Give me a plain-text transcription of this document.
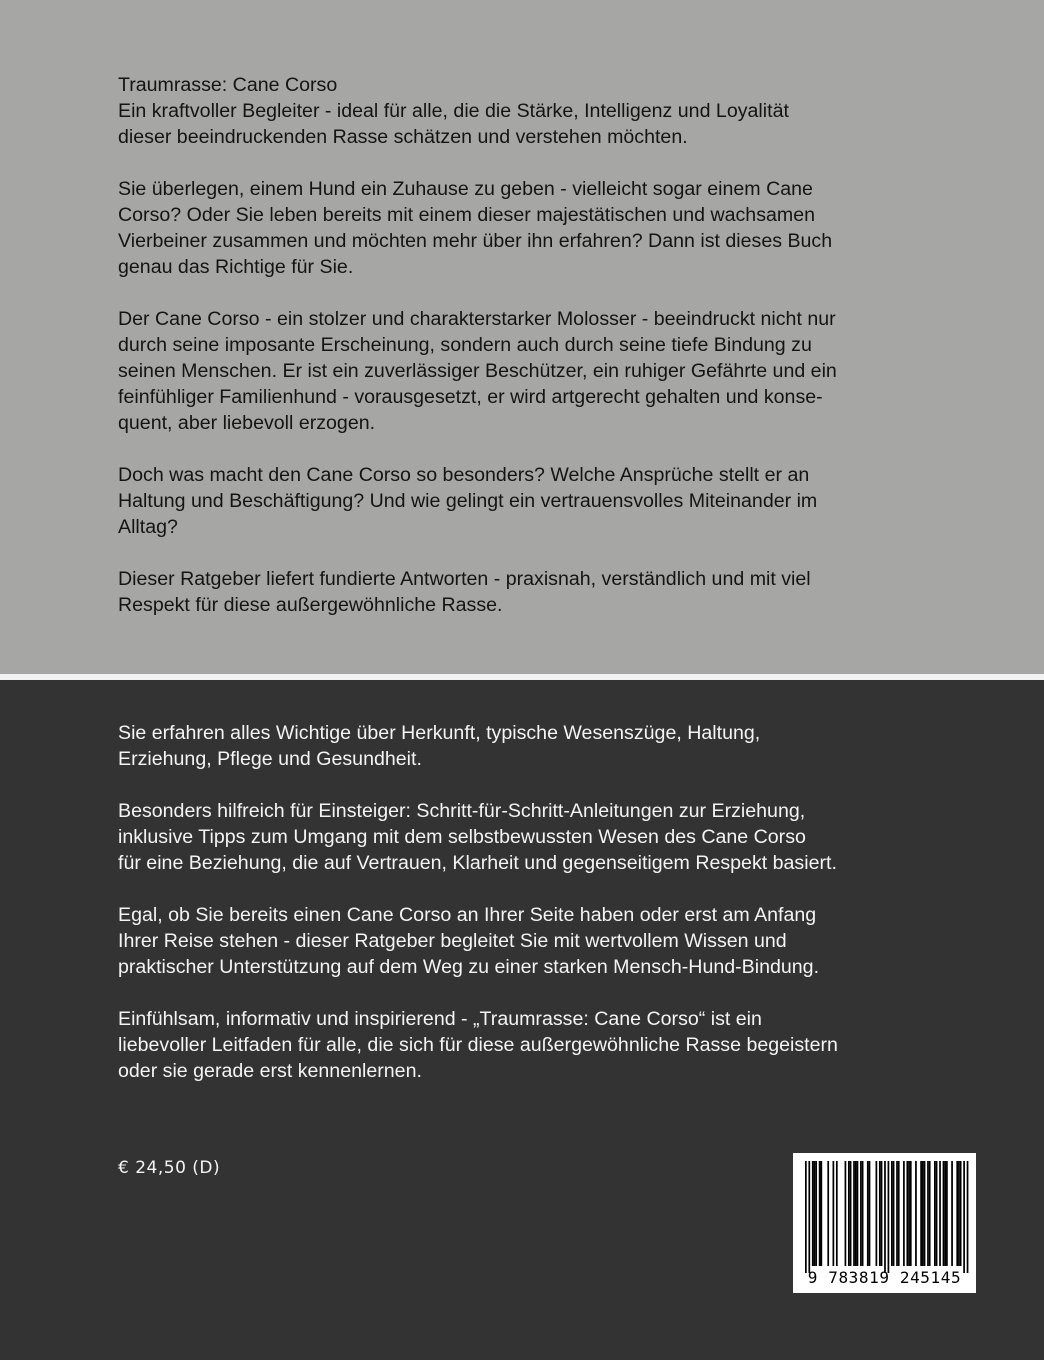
Traumrasse: Cane Corso
Ein kraftvoller Begleiter - ideal für alle, die die Stärke, Intelligenz und Loyalität
dieser beeindruckenden Rasse schätzen und verstehen möchten.
Sie überlegen, einem Hund ein Zuhause zu geben - vielleicht sogar einem Cane
Corso? Oder Sie leben bereits mit einem dieser majestätischen und wachsamen
Vierbeiner zusammen und möchten mehr über ihn erfahren? Dann ist dieses Buch
genau das Richtige für Sie.
Der Cane Corso - ein stolzer und charakterstarker Molosser - beeindruckt nicht nur
durch seine imposante Erscheinung, sondern auch durch seine tiefe Bindung zu
seinen Menschen. Er ist ein zuverlässiger Beschützer, ein ruhiger Gefährte und ein
feinfühliger Familienhund - vorausgesetzt, er wird artgerecht gehalten und konse-
quent, aber liebevoll erzogen.
Doch was macht den Cane Corso so besonders? Welche Ansprüche stellt er an
Haltung und Beschäftigung? Und wie gelingt ein vertrauensvolles Miteinander im
Alltag?
Dieser Ratgeber liefert fundierte Antworten - praxisnah, verständlich und mit viel
Respekt für diese außergewöhnliche Rasse.
Sie erfahren alles Wichtige über Herkunft, typische Wesenszüge, Haltung,
Erziehung, Pflege und Gesundheit.
Besonders hilfreich für Einsteiger: Schritt-für-Schritt-Anleitungen zur Erziehung,
inklusive Tipps zum Umgang mit dem selbstbewussten Wesen des Cane Corso
für eine Beziehung, die auf Vertrauen, Klarheit und gegenseitigem Respekt basiert.
Egal, ob Sie bereits einen Cane Corso an Ihrer Seite haben oder erst am Anfang
Ihrer Reise stehen - dieser Ratgeber begleitet Sie mit wertvollem Wissen und
praktischer Unterstützung auf dem Weg zu einer starken Mensch-Hund-Bindung.
Einfühlsam, informativ und inspirierend - „Traumrasse: Cane Corso“ ist ein
liebevoller Leitfaden für alle, die sich für diese außergewöhnliche Rasse begeistern
oder sie gerade erst kennenlernen.
€ 24,50 (D)
9 783819 245145
